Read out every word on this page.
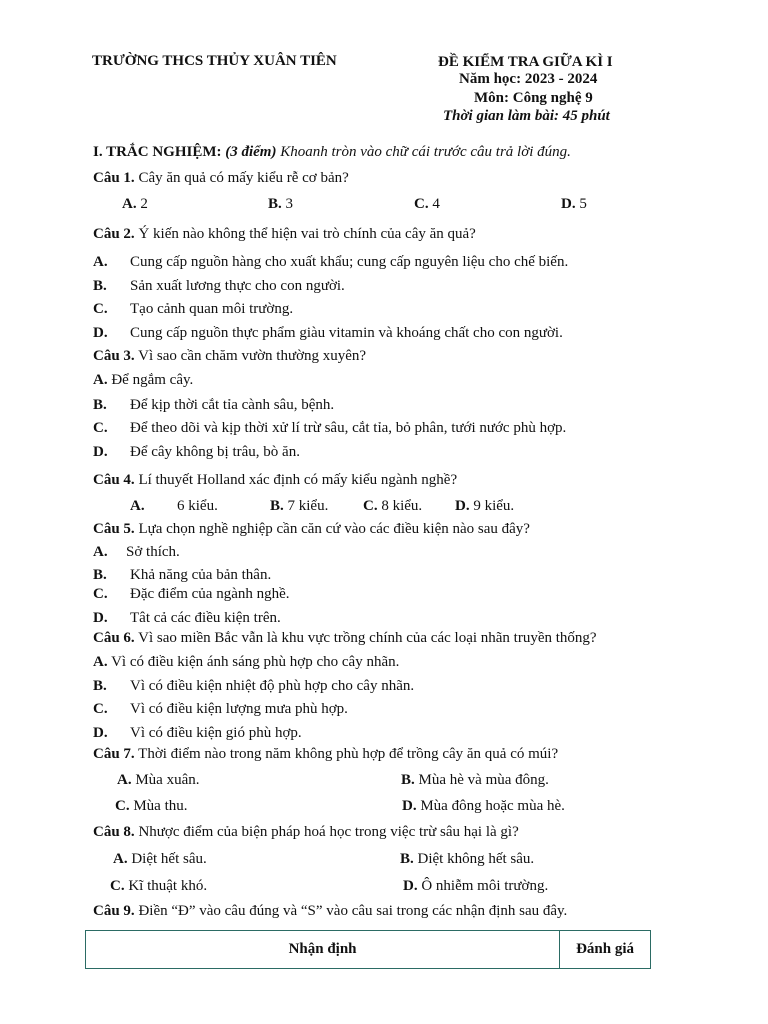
TRƯỜNG THCS THỦY XUÂN TIÊN	ĐỀ KIỂM TRA GIỮA KÌ I
Năm học: 2023 - 2024
Môn: Công nghệ 9
Thời gian làm bài: 45 phút
I. TRẮC NGHIỆM: (3 điểm) Khoanh tròn vào chữ cái trước câu trả lời đúng.
Câu 1. Cây ăn quả có mấy kiểu rễ cơ bản?
A. 2	B. 3	C. 4	D. 5
Câu 2. Ý kiến nào không thể hiện vai trò chính của cây ăn quả?
A. Cung cấp nguồn hàng cho xuất khẩu; cung cấp nguyên liệu cho chế biến.
B. Sản xuất lương thực cho con người.
C. Tạo cảnh quan môi trường.
D. Cung cấp nguồn thực phẩm giàu vitamin và khoáng chất cho con người.
Câu 3. Vì sao cần chăm vườn thường xuyên?
A. Để ngắm cây.
B. Để kịp thời cắt tỉa cành sâu, bệnh.
C. Để theo dõi và kịp thời xử lí trừ sâu, cắt tỉa, bỏ phân, tưới nước phù hợp.
D. Để cây không bị trâu, bò ăn.
Câu 4. Lí thuyết Holland xác định có mấy kiểu ngành nghề?
A. 6 kiểu.	B. 7 kiểu. C. 8 kiểu. D. 9 kiểu.
Câu 5. Lựa chọn nghề nghiệp cần căn cứ vào các điều kiện nào sau đây?
A. Sở thích.
B. Khả năng của bản thân.
C. Đặc điểm của ngành nghề.
D. Tât cả các điều kiện trên.
Câu 6. Vì sao miền Bắc vẫn là khu vực trồng chính của các loại nhãn truyền thống?
A. Vì có điều kiện ánh sáng phù hợp cho cây nhãn.
B. Vì có điều kiện nhiệt độ phù hợp cho cây nhãn.
C. Vì có điều kiện lượng mưa phù hợp.
D. Vì có điều kiện gió phù hợp.
Câu 7. Thời điểm nào trong năm không phù hợp để trồng cây ăn quả có múi?
A. Mùa xuân.	B. Mùa hè và mùa đông.
C. Mùa thu.	D. Mùa đông hoặc mùa hè.
Câu 8. Nhược điểm của biện pháp hoá học trong việc trừ sâu hại là gì?
A. Diệt hết sâu.	B. Diệt không hết sâu.
C. Kĩ thuật khó.	D. Ô nhiễm môi trường.
Câu 9. Điền “Đ” vào câu đúng và “S” vào câu sai trong các nhận định sau đây.
Nhận định	Đánh giá
